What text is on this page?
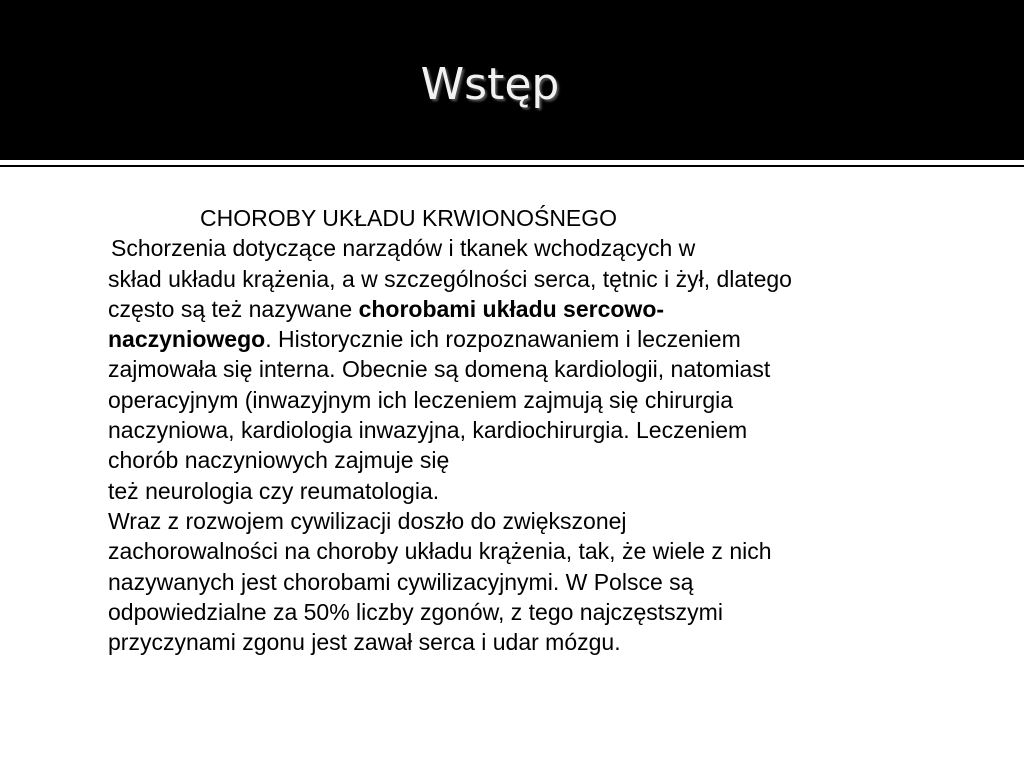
Wstęp
CHOROBY UKŁADU KRWIONOŚNEGO
Schorzenia dotyczące narządów i tkanek wchodzących w
skład układu krążenia, a w szczególności serca, tętnic i żył, dlatego
często są też nazywane chorobami układu sercowo-
naczyniowego. Historycznie ich rozpoznawaniem i leczeniem
zajmowała się interna. Obecnie są domeną kardiologii, natomiast
operacyjnym (inwazyjnym ich leczeniem zajmują się chirurgia
naczyniowa, kardiologia inwazyjna, kardiochirurgia. Leczeniem
chorób naczyniowych zajmuje się
też neurologia czy reumatologia.
Wraz z rozwojem cywilizacji doszło do zwiększonej
zachorowalności na choroby układu krążenia, tak, że wiele z nich
nazywanych jest chorobami cywilizacyjnymi. W Polsce są
odpowiedzialne za 50% liczby zgonów, z tego najczęstszymi
przyczynami zgonu jest zawał serca i udar mózgu.
